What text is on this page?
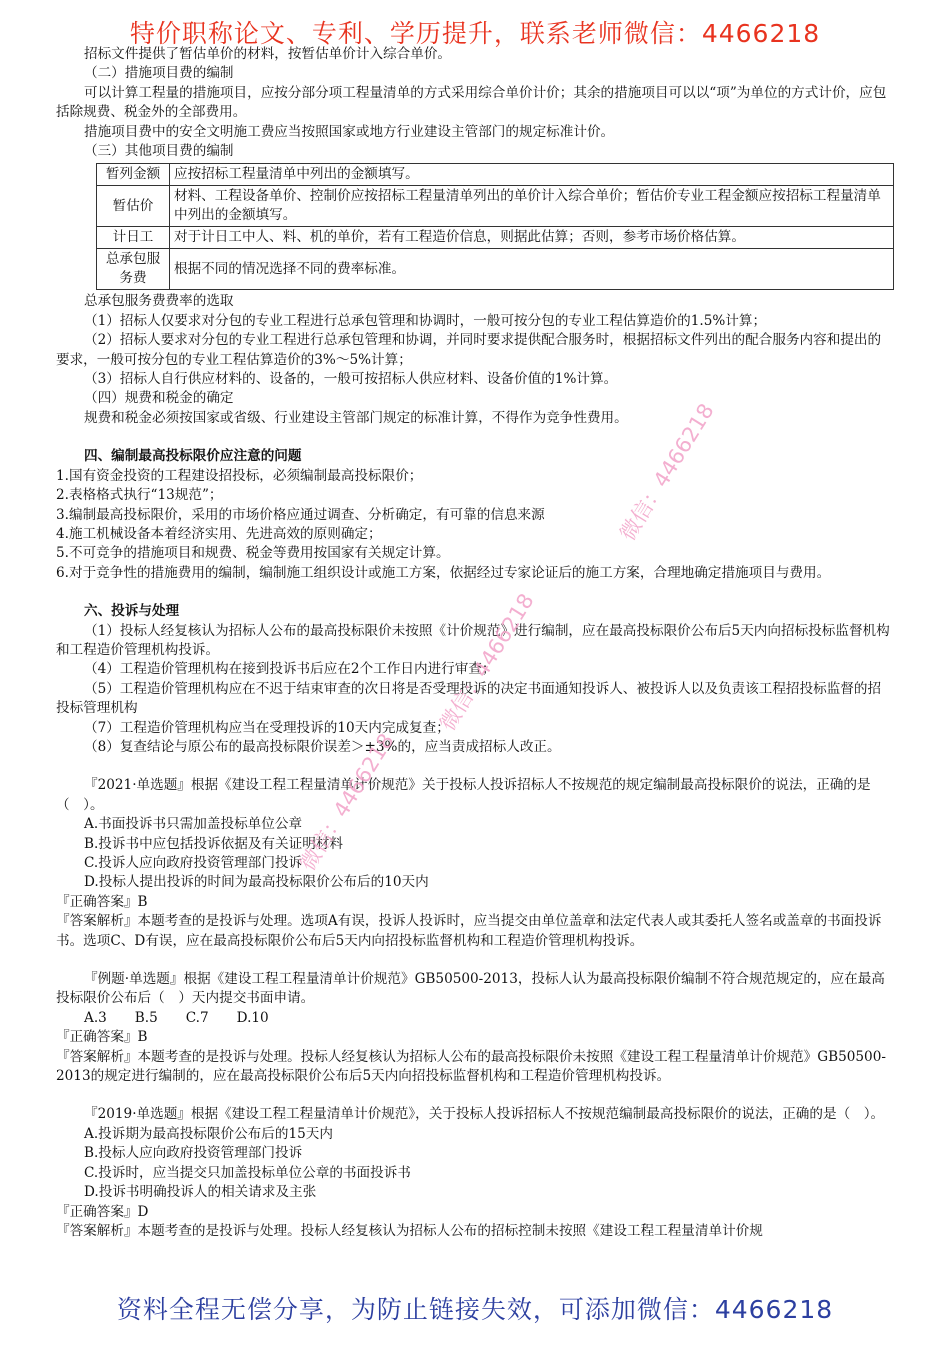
特价职称论文、专利、学历提升，联系老师微信：4466218

招标文件提供了暂估单价的材料，按暂估单价计入综合单价。

（二）措施项目费的编制

可以计算工程量的措施项目，应按分部分项工程量清单的方式采用综合单价计价；其余的措施项目可以以“项”为单位的方式计价，应包括除规费、税金外的全部费用。

措施项目费中的安全文明施工费应当按照国家或地方行业建设主管部门的规定标准计价。

（三）其他项目费的编制

暂列金额	应按招标工程量清单中列出的金额填写。
暂估价	材料、工程设备单价、控制价应按招标工程量清单列出的单价计入综合单价；暂估价专业工程金额应按招标工程量清单中列出的金额填写。
计日工	对于计日工中人、料、机的单价，若有工程造价信息，则据此估算；否则，参考市场价格估算。
总承包服务费	根据不同的情况选择不同的费率标准。

总承包服务费费率的选取

（1）招标人仅要求对分包的专业工程进行总承包管理和协调时，一般可按分包的专业工程估算造价的1.5%计算；

（2）招标人要求对分包的专业工程进行总承包管理和协调，并同时要求提供配合服务时，根据招标文件列出的配合服务内容和提出的要求，一般可按分包的专业工程估算造价的3%～5%计算；

（3）招标人自行供应材料的、设备的，一般可按招标人供应材料、设备价值的1%计算。

（四）规费和税金的确定

规费和税金必须按国家或省级、行业建设主管部门规定的标准计算，不得作为竞争性费用。

四、编制最高投标限价应注意的问题

1.国有资金投资的工程建设招投标，必须编制最高投标限价；

2.表格格式执行“13规范”；

3.编制最高投标限价，采用的市场价格应通过调查、分析确定，有可靠的信息来源

4.施工机械设备本着经济实用、先进高效的原则确定；

5.不可竞争的措施项目和规费、税金等费用按国家有关规定计算。

6.对于竞争性的措施费用的编制，编制施工组织设计或施工方案，依据经过专家论证后的施工方案，合理地确定措施项目与费用。

六、投诉与处理

（1）投标人经复核认为招标人公布的最高投标限价未按照《计价规范》进行编制，应在最高投标限价公布后5天内向招标投标监督机构和工程造价管理机构投诉。

（4）工程造价管理机构在接到投诉书后应在2个工作日内进行审查；

（5）工程造价管理机构应在不迟于结束审查的次日将是否受理投诉的决定书面通知投诉人、被投诉人以及负责该工程招投标监督的招投标管理机构

（7）工程造价管理机构应当在受理投诉的10天内完成复查；

（8）复查结论与原公布的最高投标限价误差＞±3%的，应当责成招标人改正。

『2021·单选题』根据《建设工程工程量清单计价规范》关于投标人投诉招标人不按规范的规定编制最高投标限价的说法，正确的是（　）。

A.书面投诉书只需加盖投标单位公章

B.投诉书中应包括投诉依据及有关证明材料

C.投诉人应向政府投资管理部门投诉

D.投标人提出投诉的时间为最高投标限价公布后的10天内

『正确答案』B

『答案解析』本题考查的是投诉与处理。选项A有误，投诉人投诉时，应当提交由单位盖章和法定代表人或其委托人签名或盖章的书面投诉书。选项C、D有误，应在最高投标限价公布后5天内向招投标监督机构和工程造价管理机构投诉。

『例题·单选题』根据《建设工程工程量清单计价规范》GB50500-2013，投标人认为最高投标限价编制不符合规范规定的，应在最高投标限价公布后（　）天内提交书面申请。

A.3 B.5 C.7 D.10

『正确答案』B

『答案解析』本题考查的是投诉与处理。投标人经复核认为招标人公布的最高投标限价未按照《建设工程工程量清单计价规范》GB50500-2013的规定进行编制的，应在最高投标限价公布后5天内向招投标监督机构和工程造价管理机构投诉。

『2019·单选题』根据《建设工程工程量清单计价规范》，关于投标人投诉招标人不按规范编制最高投标限价的说法，正确的是（　）。

A.投诉期为最高投标限价公布后的15天内

B.投标人应向政府投资管理部门投诉

C.投诉时，应当提交只加盖投标单位公章的书面投诉书

D.投诉书明确投诉人的相关请求及主张

『正确答案』D

『答案解析』本题考查的是投诉与处理。投标人经复核认为招标人公布的招标控制未按照《建设工程工程量清单计价规

微信：4466218
微信：4466218
微信：4466218
资料全程无偿分享，为防止链接失效，可添加微信：4466218
